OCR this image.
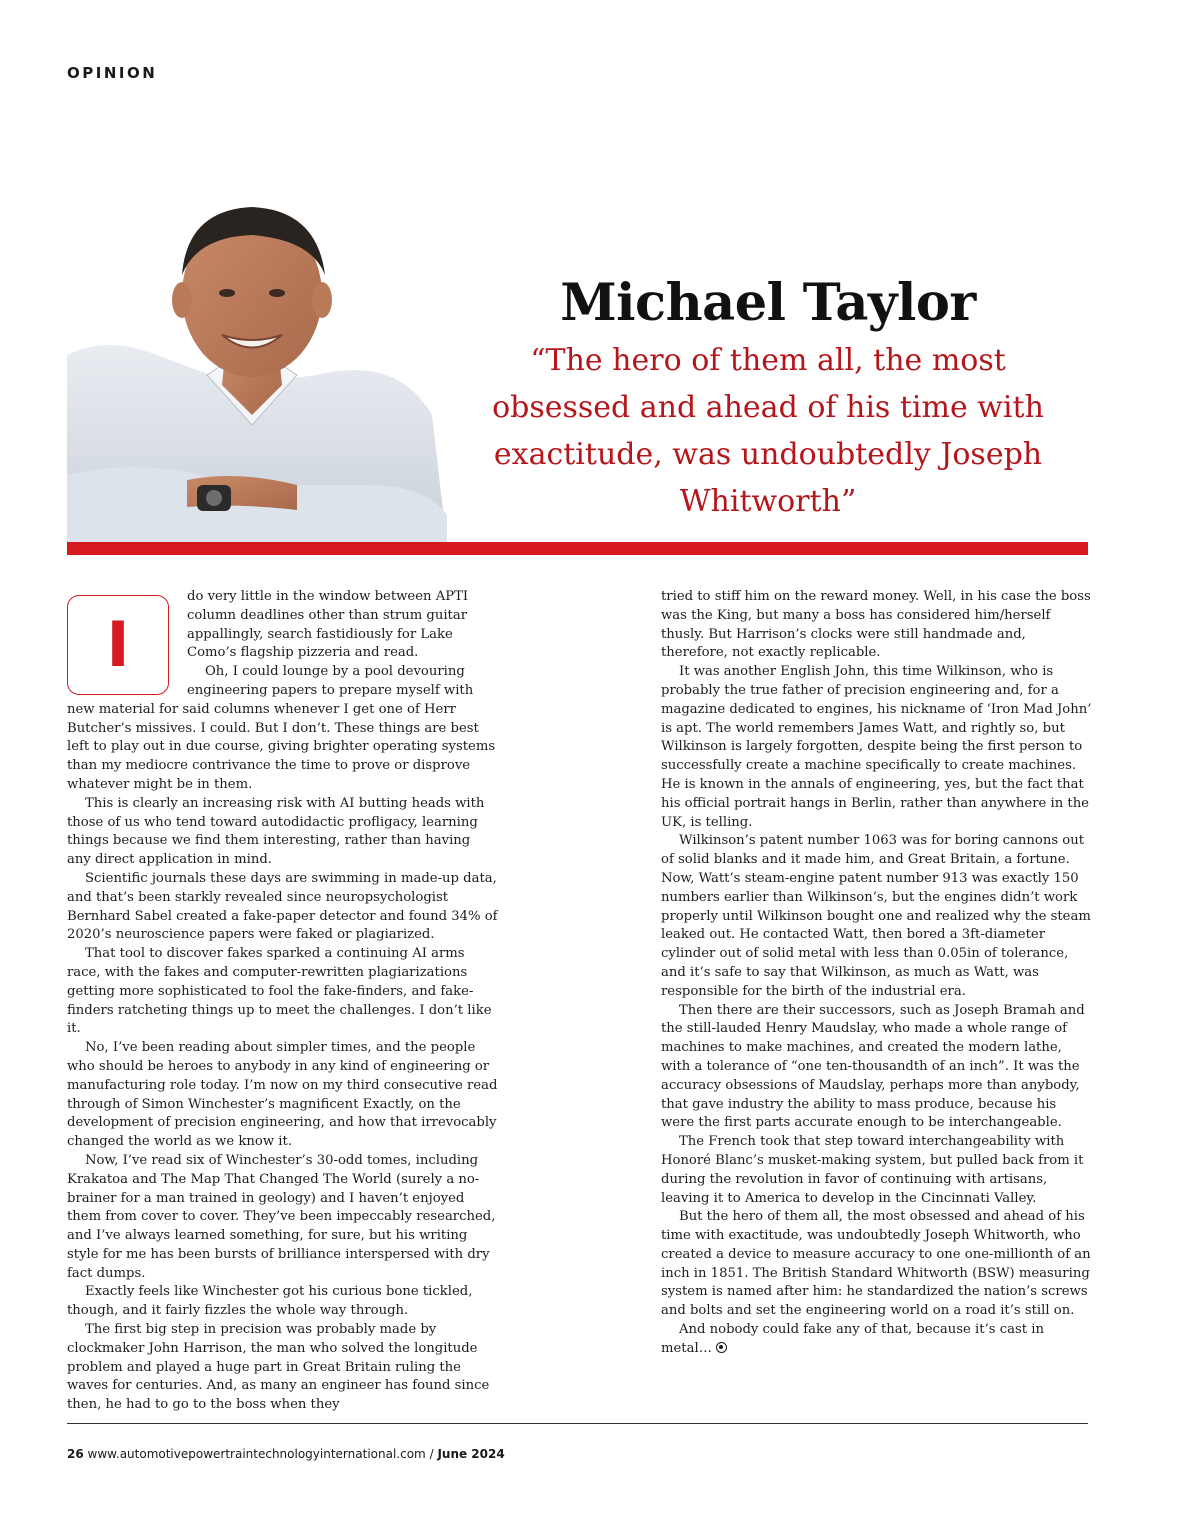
OPINION
Michael Taylor

“The hero of them all, the most obsessed and ahead of his time with exactitude, was undoubtedly Joseph Whitworth”

I

do very little in the window between APTI column deadlines other than strum guitar appallingly, search fastidiously for Lake Como’s flagship pizzeria and read.

Oh, I could lounge by a pool devouring engineering papers to prepare myself with new material for said columns whenever I get one of Herr Butcher’s missives. I could. But I don’t. These things are best left to play out in due course, giving brighter operating systems than my mediocre contrivance the time to prove or disprove whatever might be in them.

This is clearly an increasing risk with AI butting heads with those of us who tend toward autodidactic profligacy, learning things because we find them interesting, rather than having any direct application in mind.

Scientific journals these days are swimming in made-up data, and that’s been starkly revealed since neuropsychologist Bernhard Sabel created a fake-paper detector and found 34% of 2020’s neuroscience papers were faked or plagiarized.

That tool to discover fakes sparked a continuing AI arms race, with the fakes and computer-rewritten plagiarizations getting more sophisticated to fool the fake-finders, and fake-finders ratcheting things up to meet the challenges. I don’t like it.

No, I’ve been reading about simpler times, and the people who should be heroes to anybody in any kind of engineering or manufacturing role today. I’m now on my third consecutive read through of Simon Winchester’s magnificent Exactly, on the development of precision engineering, and how that irrevocably changed the world as we know it.

Now, I’ve read six of Winchester’s 30-odd tomes, including Krakatoa and The Map That Changed The World (surely a no-brainer for a man trained in geology) and I haven’t enjoyed them from cover to cover. They’ve been impeccably researched, and I’ve always learned something, for sure, but his writing style for me has been bursts of brilliance interspersed with dry fact dumps.

Exactly feels like Winchester got his curious bone tickled, though, and it fairly fizzles the whole way through.

The first big step in precision was probably made by clockmaker John Harrison, the man who solved the longitude problem and played a huge part in Great Britain ruling the waves for centuries. And, as many an engineer has found since then, he had to go to the boss when they

tried to stiff him on the reward money. Well, in his case the boss was the King, but many a boss has considered him/herself thusly. But Harrison’s clocks were still handmade and, therefore, not exactly replicable.

It was another English John, this time Wilkinson, who is probably the true father of precision engineering and, for a magazine dedicated to engines, his nickname of ‘Iron Mad John’ is apt. The world remembers James Watt, and rightly so, but Wilkinson is largely forgotten, despite being the first person to successfully create a machine specifically to create machines. He is known in the annals of engineering, yes, but the fact that his official portrait hangs in Berlin, rather than anywhere in the UK, is telling.

Wilkinson’s patent number 1063 was for boring cannons out of solid blanks and it made him, and Great Britain, a fortune. Now, Watt’s steam-engine patent number 913 was exactly 150 numbers earlier than Wilkinson’s, but the engines didn’t work properly until Wilkinson bought one and realized why the steam leaked out. He contacted Watt, then bored a 3ft-diameter cylinder out of solid metal with less than 0.05in of tolerance, and it’s safe to say that Wilkinson, as much as Watt, was responsible for the birth of the industrial era.

Then there are their successors, such as Joseph Bramah and the still-lauded Henry Maudslay, who made a whole range of machines to make machines, and created the modern lathe, with a tolerance of “one ten-thousandth of an inch”. It was the accuracy obsessions of Maudslay, perhaps more than anybody, that gave industry the ability to mass produce, because his were the first parts accurate enough to be interchangeable.

The French took that step toward interchangeability with Honoré Blanc’s musket-making system, but pulled back from it during the revolution in favor of continuing with artisans, leaving it to America to develop in the Cincinnati Valley.

But the hero of them all, the most obsessed and ahead of his time with exactitude, was undoubtedly Joseph Whitworth, who created a device to measure accuracy to one one-millionth of an inch in 1851. The British Standard Whitworth (BSW) measuring system is named after him: he standardized the nation’s screws and bolts and set the engineering world on a road it’s still on.

And nobody could fake any of that, because it’s cast in metal…

26 www.automotivepowertraintechnologyinternational.com / June 2024
